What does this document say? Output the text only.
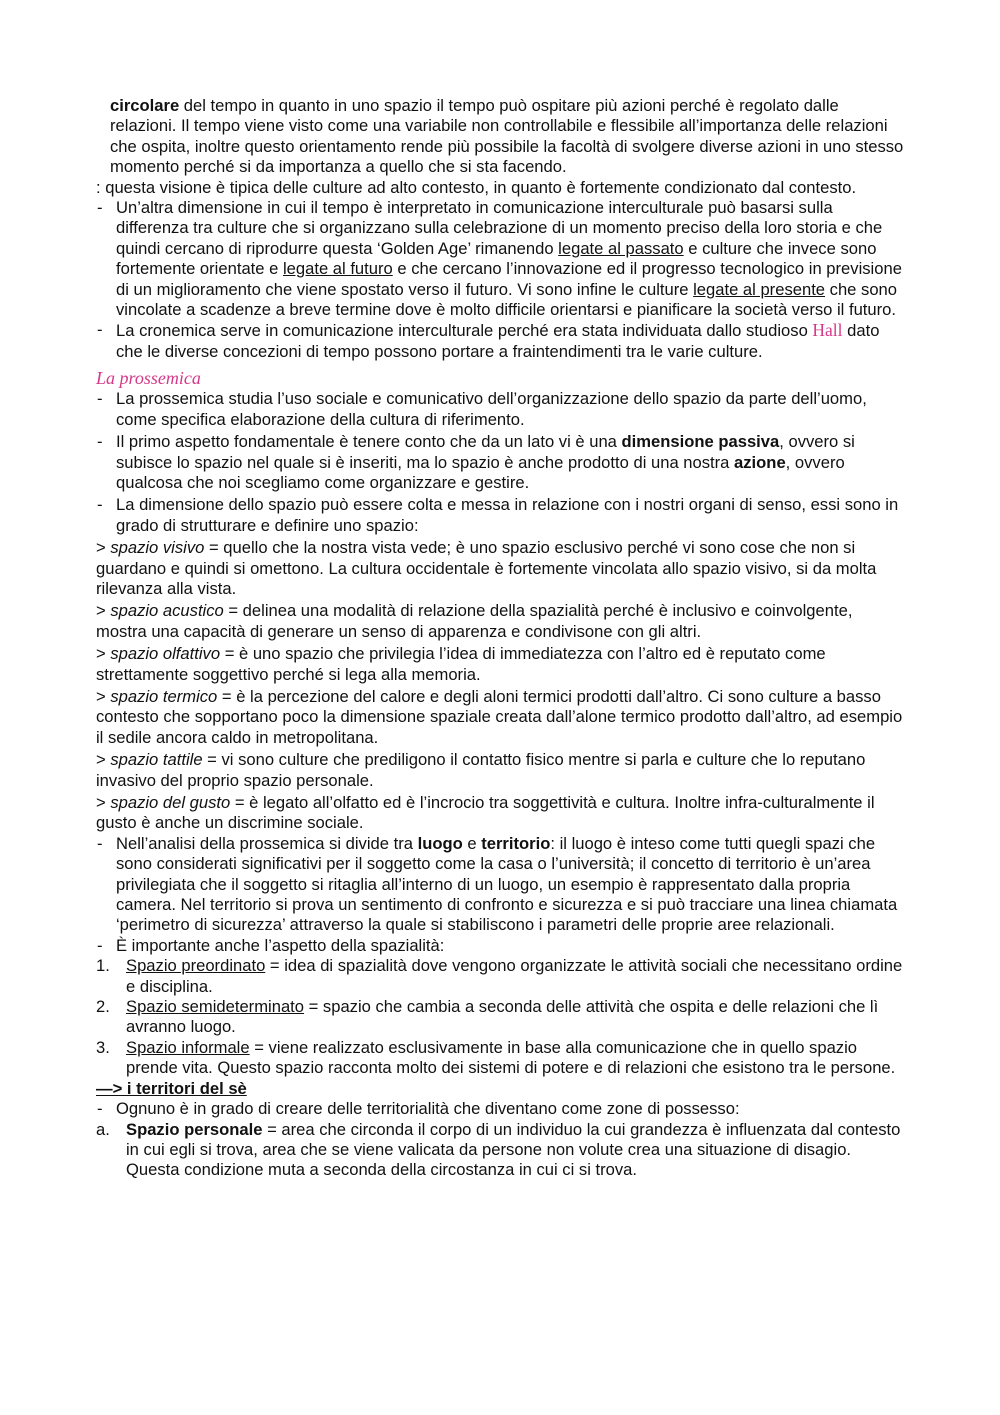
circolare del tempo in quanto in uno spazio il tempo può ospitare più azioni perché è regolato dalle relazioni. Il tempo viene visto come una variabile non controllabile e flessibile all’importanza delle relazioni che ospita, inoltre questo orientamento rende più possibile la facoltà di svolgere diverse azioni in uno stesso momento perché si da importanza a quello che si sta facendo.

: questa visione è tipica delle culture ad alto contesto, in quanto è fortemente condizionato dal contesto.

- Un’altra dimensione in cui il tempo è interpretato in comunicazione interculturale può basarsi sulla differenza tra culture che si organizzano sulla celebrazione di un momento preciso della loro storia e che quindi cercano di riprodurre questa ‘Golden Age’ rimanendo legate al passato e culture che invece sono fortemente orientate e legate al futuro e che cercano l’innovazione ed il progresso tecnologico in previsione di un miglioramento che viene spostato verso il futuro. Vi sono infine le culture legate al presente che sono vincolate a scadenze a breve termine dove è molto difficile orientarsi e pianificare la società verso il futuro.

- La cronemica serve in comunicazione interculturale perché era stata individuata dallo studioso Hall dato che le diverse concezioni di tempo possono portare a fraintendimenti tra le varie culture.

La prossemica

- La prossemica studia l’uso sociale e comunicativo dell’organizzazione dello spazio da parte dell’uomo, come specifica elaborazione della cultura di riferimento.

- Il primo aspetto fondamentale è tenere conto che da un lato vi è una dimensione passiva, ovvero si subisce lo spazio nel quale si è inseriti, ma lo spazio è anche prodotto di una nostra azione, ovvero qualcosa che noi scegliamo come organizzare e gestire.

- La dimensione dello spazio può essere colta e messa in relazione con i nostri organi di senso, essi sono in grado di strutturare e definire uno spazio:

> spazio visivo = quello che la nostra vista vede; è uno spazio esclusivo perché vi sono cose che non si guardano e quindi si omettono. La cultura occidentale è fortemente vincolata allo spazio visivo, si da molta rilevanza alla vista.

> spazio acustico = delinea una modalità di relazione della spazialità perché è inclusivo e coinvolgente, mostra una capacità di generare un senso di apparenza e condivisone con gli altri.

> spazio olfattivo = è uno spazio che privilegia l’idea di immediatezza con l’altro ed è reputato come strettamente soggettivo perché si lega alla memoria.

> spazio termico = è la percezione del calore e degli aloni termici prodotti dall’altro. Ci sono culture a basso contesto che sopportano poco la dimensione spaziale creata dall’alone termico prodotto dall’altro, ad esempio il sedile ancora caldo in metropolitana.

> spazio tattile = vi sono culture che prediligono il contatto fisico mentre si parla e culture che lo reputano invasivo del proprio spazio personale.

> spazio del gusto = è legato all’olfatto ed è l’incrocio tra soggettività e cultura. Inoltre infra-culturalmente il gusto è anche un discrimine sociale.

- Nell’analisi della prossemica si divide tra luogo e territorio: il luogo è inteso come tutti quegli spazi che sono considerati significativi per il soggetto come la casa o l’università; il concetto di territorio è un’area privilegiata che il soggetto si ritaglia all’interno di un luogo, un esempio è rappresentato dalla propria camera. Nel territorio si prova un sentimento di confronto e sicurezza e si può tracciare una linea chiamata ‘perimetro di sicurezza’ attraverso la quale si stabiliscono i parametri delle proprie aree relazionali.

- È importante anche l’aspetto della spazialità:

1. Spazio preordinato = idea di spazialità dove vengono organizzate le attività sociali che necessitano ordine e disciplina.

2. Spazio semideterminato = spazio che cambia a seconda delle attività che ospita e delle relazioni che lì avranno luogo.

3. Spazio informale = viene realizzato esclusivamente in base alla comunicazione che in quello spazio prende vita. Questo spazio racconta molto dei sistemi di potere e di relazioni che esistono tra le persone.

—> i territori del sè

- Ognuno è in grado di creare delle territorialità che diventano come zone di possesso:

a. Spazio personale = area che circonda il corpo di un individuo la cui grandezza è influenzata dal contesto in cui egli si trova, area che se viene valicata da persone non volute crea una situazione di disagio. Questa condizione muta a seconda della circostanza in cui ci si trova.
